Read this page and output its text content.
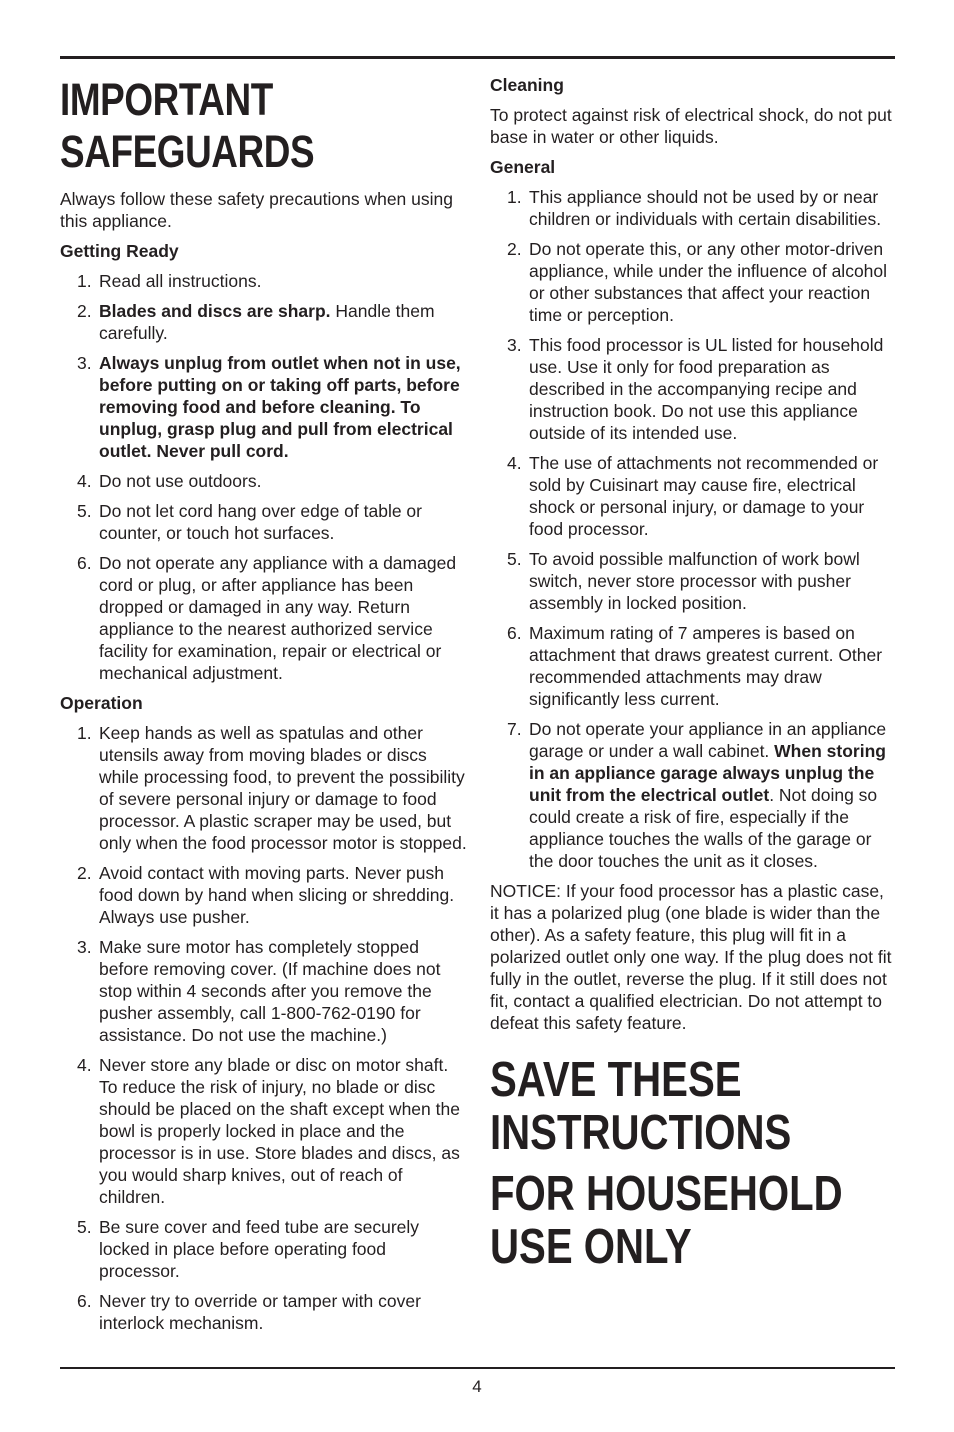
IMPORTANT
SAFEGUARDS

Always follow these safety precautions when using this appliance.

Getting Ready

1. Read all instructions.
2. Blades and discs are sharp. Handle them carefully.
3. Always unplug from outlet when not in use, before putting on or taking off parts, before removing food and before cleaning. To unplug, grasp plug and pull from electrical outlet. Never pull cord.
4. Do not use outdoors.
5. Do not let cord hang over edge of table or counter, or touch hot surfaces.
6. Do not operate any appliance with a damaged cord or plug, or after appliance has been dropped or damaged in any way. Return appliance to the nearest authorized service facility for examination, repair or electrical or mechanical adjustment.

Operation

1. Keep hands as well as spatulas and other utensils away from moving blades or discs while processing food, to prevent the possibility of severe personal injury or damage to food processor. A plastic scraper may be used, but only when the food processor motor is stopped.
2. Avoid contact with moving parts. Never push food down by hand when slicing or shredding. Always use pusher.
3. Make sure motor has completely stopped before removing cover. (If machine does not stop within 4 seconds after you remove the pusher assembly, call 1-800-762-0190 for assistance. Do not use the machine.)
4. Never store any blade or disc on motor shaft. To reduce the risk of injury, no blade or disc should be placed on the shaft except when the bowl is properly locked in place and the processor is in use. Store blades and discs, as you would sharp knives, out of reach of children.
5. Be sure cover and feed tube are securely locked in place before operating food processor.
6. Never try to override or tamper with cover interlock mechanism.

Cleaning

To protect against risk of electrical shock, do not put base in water or other liquids.

General

1. This appliance should not be used by or near children or individuals with certain disabilities.
2. Do not operate this, or any other motor-driven appliance, while under the influence of alcohol or other substances that affect your reaction time or perception.
3. This food processor is UL listed for household use. Use it only for food preparation as described in the accompanying recipe and instruction book. Do not use this appliance outside of its intended use.
4. The use of attachments not recommended or sold by Cuisinart may cause fire, electrical shock or personal injury, or damage to your food processor.
5. To avoid possible malfunction of work bowl switch, never store processor with pusher assembly in locked position.
6. Maximum rating of 7 amperes is based on attachment that draws greatest current. Other recommended attachments may draw significantly less current.
7. Do not operate your appliance in an appliance garage or under a wall cabinet. When storing in an appliance garage always unplug the unit from the electrical outlet. Not doing so could create a risk of fire, especially if the appliance touches the walls of the garage or the door touches the unit as it closes.

NOTICE: If your food processor has a plastic case, it has a polarized plug (one blade is wider than the other). As a safety feature, this plug will fit in a polarized outlet only one way. If the plug does not fit fully in the outlet, reverse the plug. If it still does not fit, contact a qualified electrician. Do not attempt to defeat this safety feature.

SAVE THESE
INSTRUCTIONS
FOR HOUSEHOLD
USE ONLY
4
